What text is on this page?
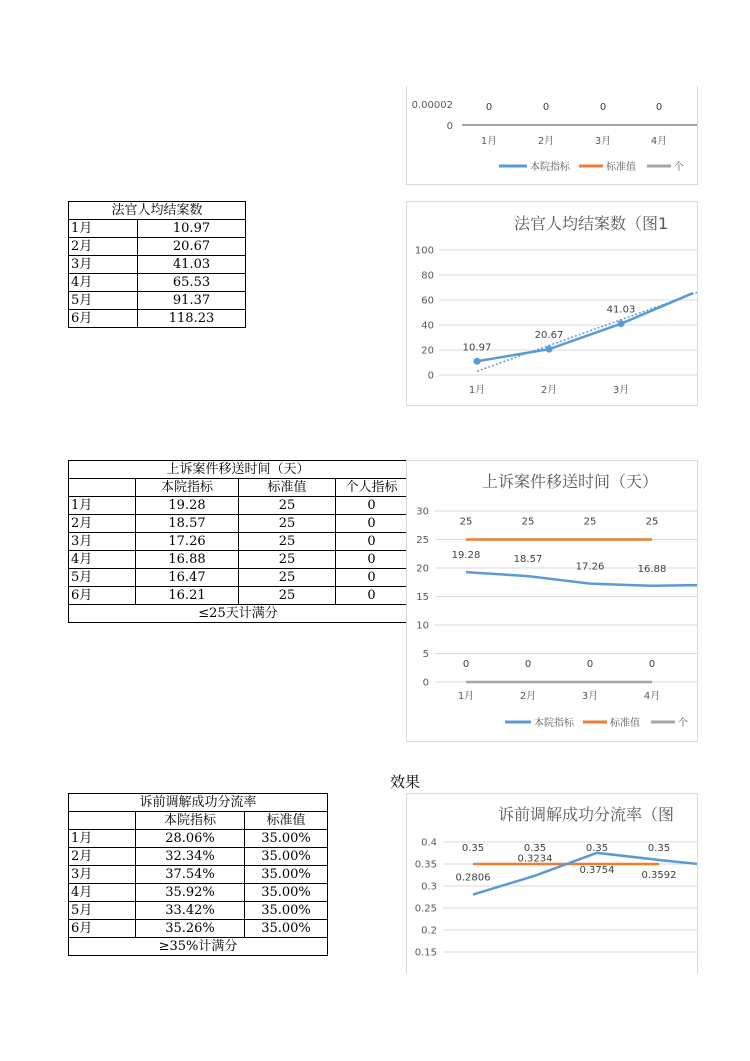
0.00002
0
0	0	0	0
1月	2月	3月	4月
本院指标	标准值	个
法官人均结案数	
1月	10.97
2月	20.67
3月	41.03
4月	65.53
5月	91.37
6月	118.23
法官人均结案数（图1
100
80
60
40
20
0
10.97
20.67
41.03
1月	2月	3月
上诉案件移送时间（天）			
	本院指标	标准值	个人指标
1月	19.28	25	0
2月	18.57	25	0
3月	17.26	25	0
4月	16.88	25	0
5月	16.47	25	0
6月	16.21	25	0
≤25天计满分			
上诉案件移送时间（天）
30
25
20
15
10
5
0
19.28	18.57
17.26	16.88
25	25	25	25
0	0	0	0
1月	2月	3月	4月
本院指标	标准值	个
效果
诉前调解成功分流率		
	本院指标	标准值
1月	28.06%	35.00%
2月	32.34%	35.00%
3月	37.54%	35.00%
4月	35.92%	35.00%
5月	33.42%	35.00%
6月	35.26%	35.00%
≥35%计满分		
诉前调解成功分流率（图
0.4
0.35
0.3
0.25
0.2
0.15
0.2806
0.3234
0.3754	0.3592
0.35	0.35	0.35	0.35
